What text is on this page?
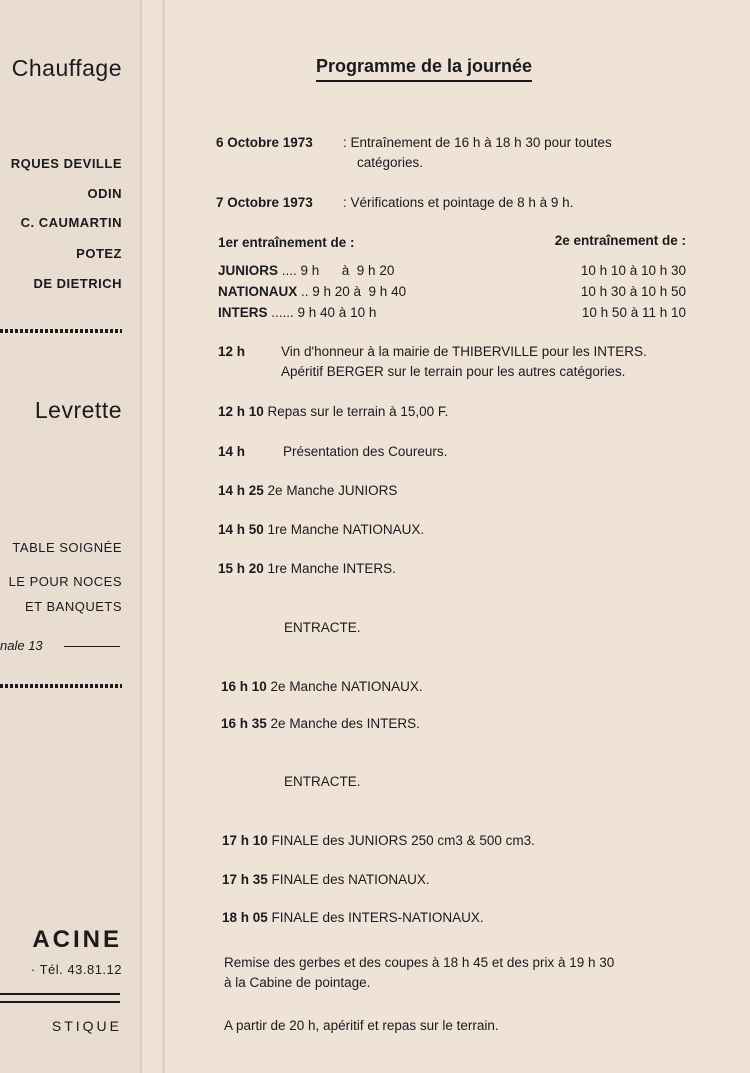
Chauffage
RQUES DEVILLE
ODIN
C. CAUMARTIN
POTEZ
DE DIETRICH
Levrette
TABLE SOIGNÉE
LE POUR NOCES
ET BANQUETS
nale 13
ACINE
· Tél. 43.81.12
STIQUE
Programme de la journée
6 Octobre 1973 : Entraînement de 16 h à 18 h 30 pour toutes
catégories.
7 Octobre 1973 : Vérifications et pointage de 8 h à 9 h.
1er entraînement de :	2e entraînement de :
JUNIORS .... 9 h      à  9 h 20	10 h 10 à 10 h 30
NATIONAUX .. 9 h 20 à  9 h 40	10 h 30 à 10 h 50
INTERS ...... 9 h 40 à 10 h	10 h 50 à 11 h 10
12 h	Vin d'honneur à la mairie de THIBERVILLE pour les INTERS.
Apéritif BERGER sur le terrain pour les autres catégories.
12 h 10 Repas sur le terrain à 15,00 F.
14 h	Présentation des Coureurs.
14 h 25 2e Manche JUNIORS
14 h 50 1re Manche NATIONAUX.
15 h 20 1re Manche INTERS.
ENTRACTE.
16 h 10 2e Manche NATIONAUX.
16 h 35 2e Manche des INTERS.
ENTRACTE.
17 h 10 FINALE des JUNIORS 250 cm3 & 500 cm3.
17 h 35 FINALE des NATIONAUX.
18 h 05 FINALE des INTERS-NATIONAUX.
Remise des gerbes et des coupes à 18 h 45 et des prix à 19 h 30
à la Cabine de pointage.
A partir de 20 h, apéritif et repas sur le terrain.
